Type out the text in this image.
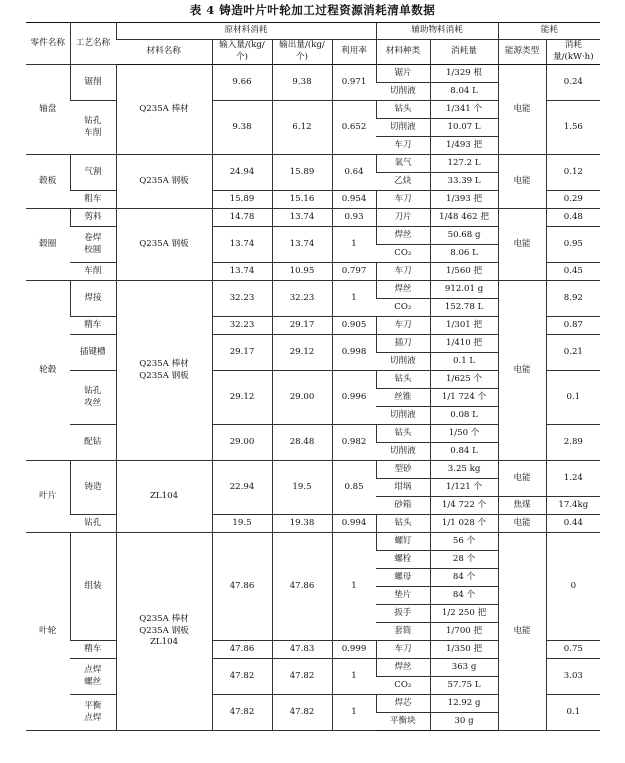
表 4 铸造叶片叶轮加工过程资源消耗清单数据
零件名称	工艺名称	原材料消耗				辅助物料消耗		能耗	
		材料名称	输入量/(kg/个)	输出量/(kg/个)	利用率	材料种类	消耗量	能源类型	消耗量/(kW·h)
轴盘	锯削	Q235A 棒材	9.66	9.38	0.971	锯片	1/329 根	电能	0.24
						切削液	8.04 L		
	钻孔车削		9.38	6.12	0.652	钻头	1/341 个		1.56
						切削液	10.07 L		
						车刀	1/493 把		
毂板	气割	Q235A 钢板	24.94	15.89	0.64	氧气	127.2 L	电能	0.12
						乙炔	33.39 L		
	粗车		15.89	15.16	0.954	车刀	1/393 把		0.29
毂圈	剪料	Q235A 钢板	14.78	13.74	0.93	刀片	1/48 462 把	电能	0.48
	卷焊校圆		13.74	13.74	1	焊丝	50.68 g		0.95
						CO₂	8.06 L		
	车削		13.74	10.95	0.797	车刀	1/560 把		0.45
轮毂	焊接	Q235A 棒材 Q235A 钢板	32.23	32.23	1	焊丝	912.01 g	电能	8.92
						CO₂	152.78 L		
	精车		32.23	29.17	0.905	车刀	1/301 把		0.87
	插键槽		29.17	29.12	0.998	插刀	1/410 把		0.21
						切削液	0.1 L		
	钻孔攻丝		29.12	29.00	0.996	钻头	1/625 个		0.1
						丝锥	1/1 724 个		
						切削液	0.08 L		
	配钻		29.00	28.48	0.982	钻头	1/50 个		2.89
						切削液	0.84 L		
叶片	铸造	ZL104	22.94	19.5	0.85	型砂	3.25 kg	电能	1.24
						坩埚	1/121 个		
						砂箱	1/4 722 个	焦煤	17.4kg
	钻孔		19.5	19.38	0.994	钻头	1/1 028 个	电能	0.44
叶轮	组装	Q235A 棒材 Q235A 钢板 ZL104	47.86	47.86	1	螺钉	56 个	电能	0
						螺栓	28 个		
						螺母	84 个		
						垫片	84 个		
						扳手	1/2 250 把		
						套筒	1/700 把		
	精车		47.86	47.83	0.999	车刀	1/350 把		0.75
	点焊螺丝		47.82	47.82	1	焊丝	363 g		3.03
						CO₂	57.75 L		
	平衡点焊		47.82	47.82	1	焊芯	12.92 g		0.1
						平衡块	30 g		
